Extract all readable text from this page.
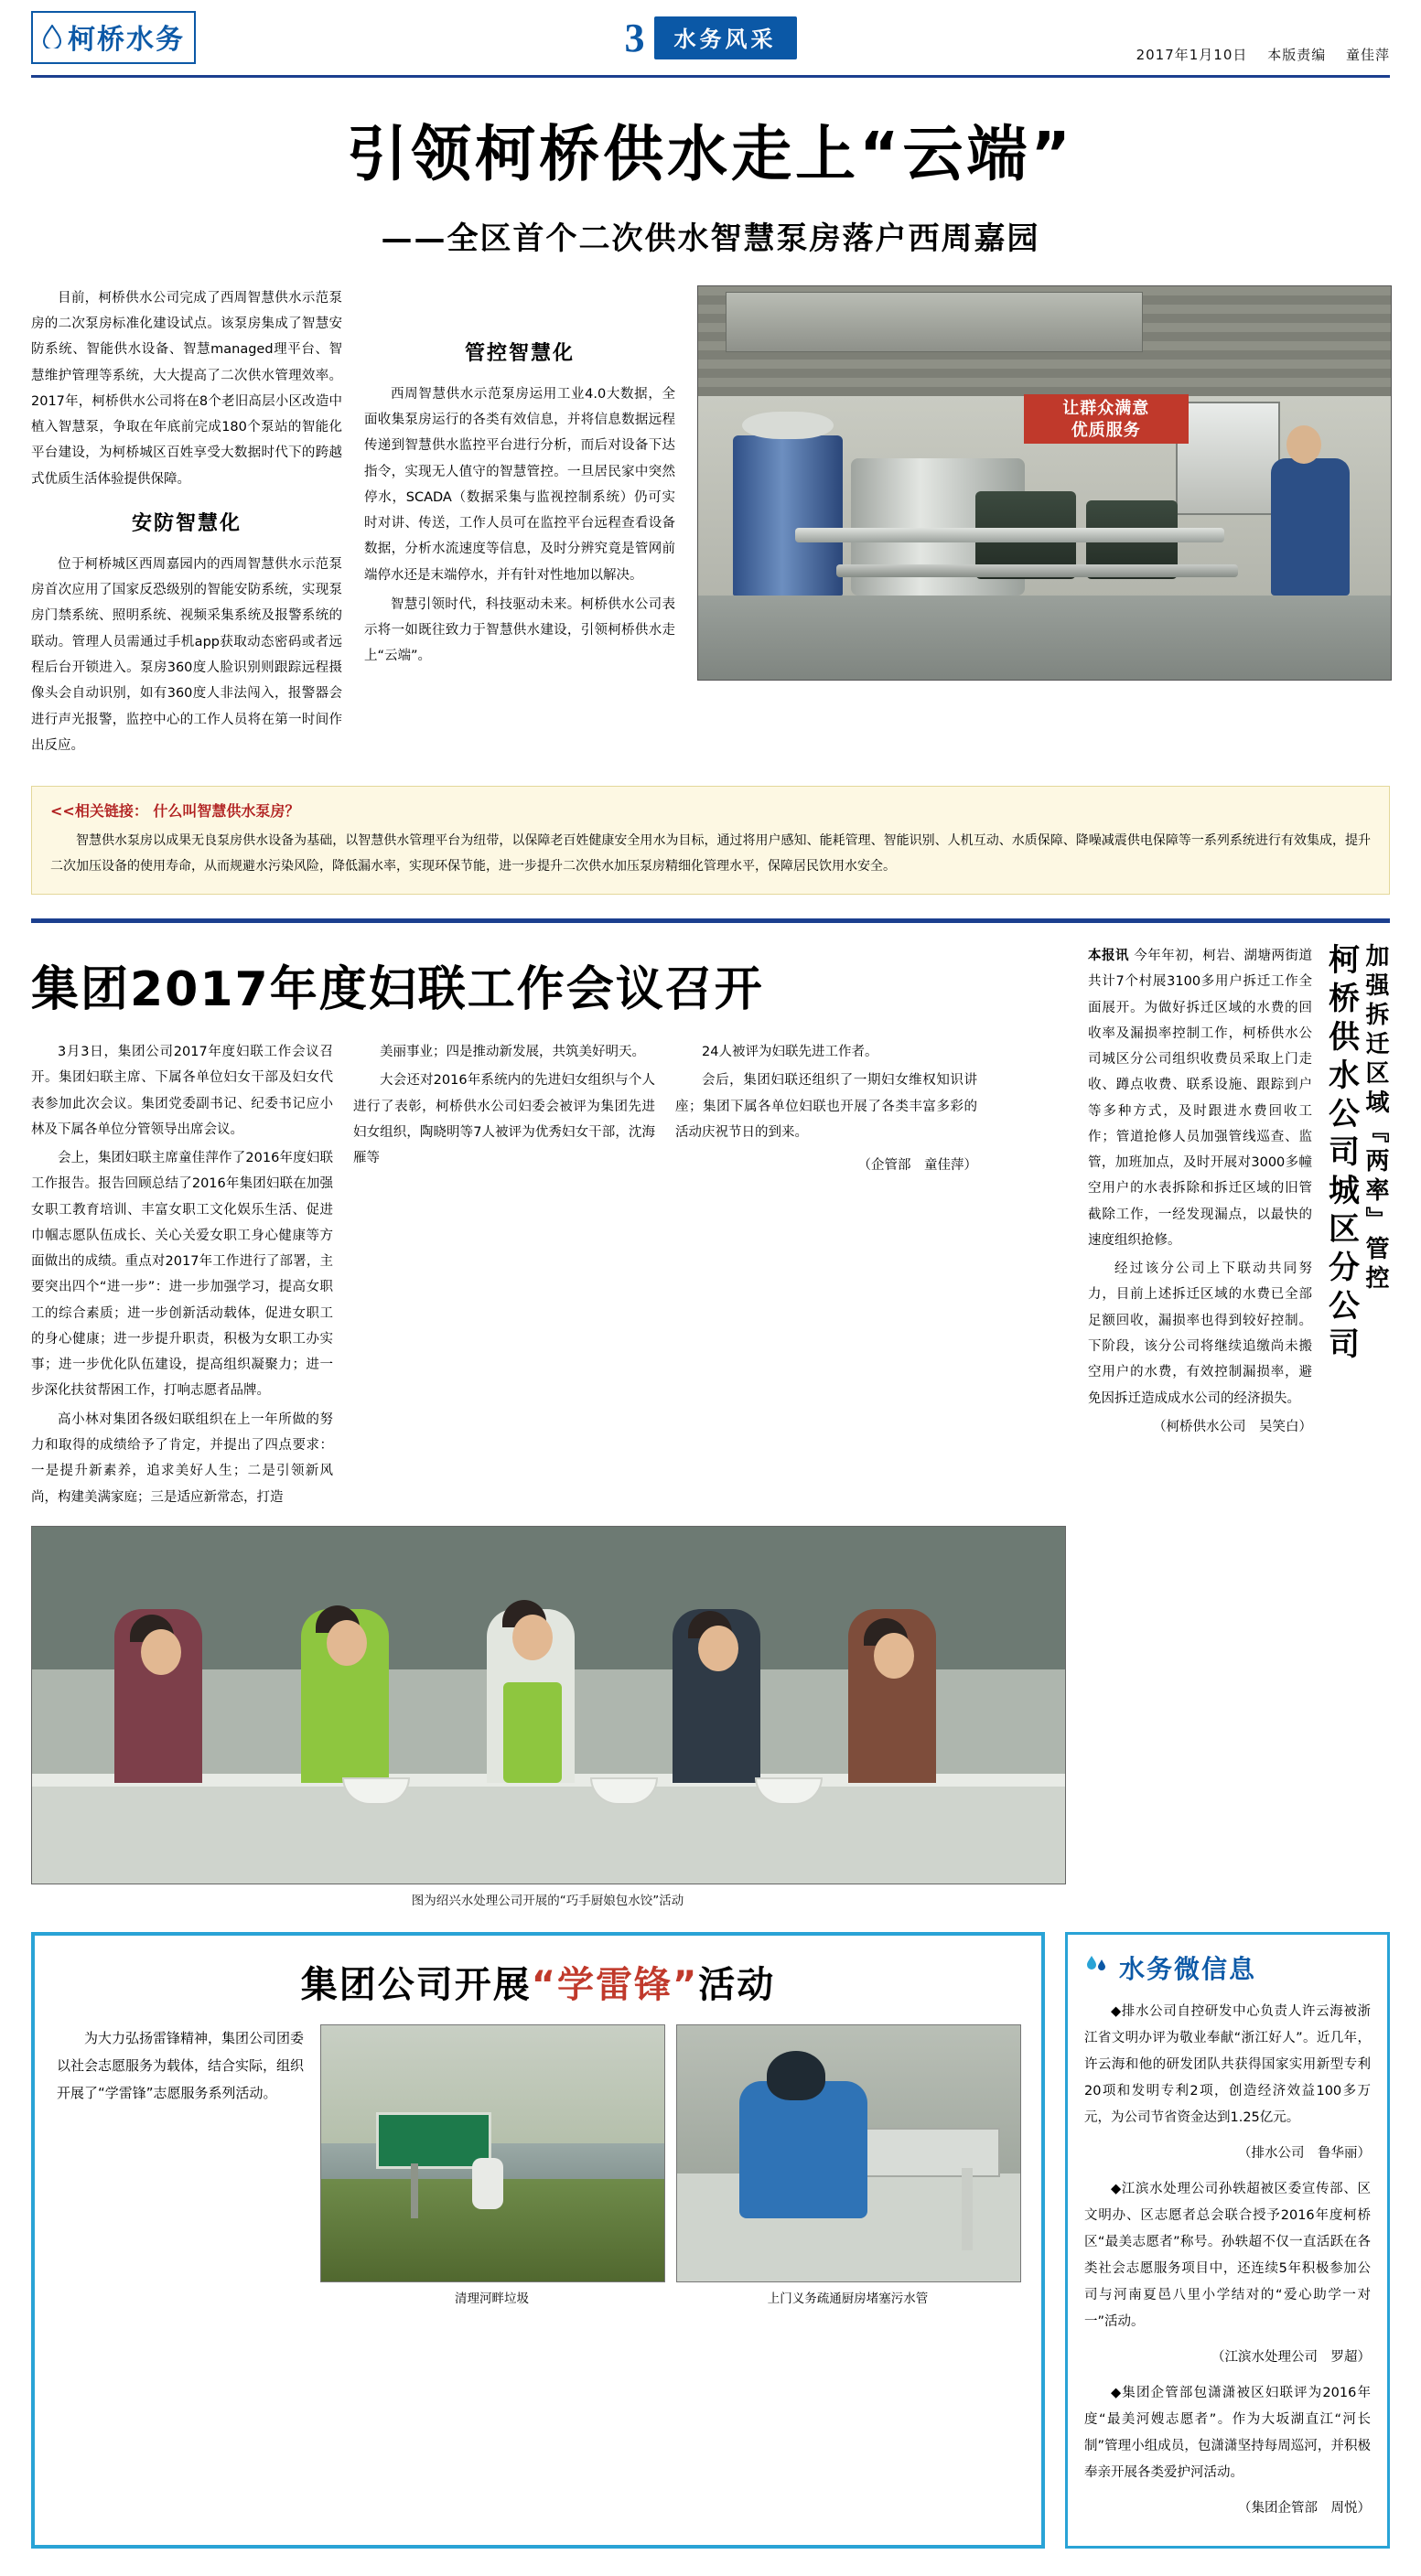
柯桥水务	3	水务风采
2017年1月10日 本版责编 童佳萍
引领柯桥供水走上“云端”
——全区首个二次供水智慧泵房落户西周嘉园

目前，柯桥供水公司完成了西周智慧供水示范泵房的二次泵房标准化建设试点。该泵房集成了智慧安防系统、智能供水设备、智慧managed理平台、智慧维护管理等系统，大大提高了二次供水管理效率。2017年，柯桥供水公司将在8个老旧高层小区改造中植入智慧泵，争取在年底前完成180个泵站的智能化平台建设，为柯桥城区百姓享受大数据时代下的跨越式优质生活体验提供保障。

安防智慧化

位于柯桥城区西周嘉园内的西周智慧供水示范泵房首次应用了国家反恐级别的智能安防系统，实现泵房门禁系统、照明系统、视频采集系统及报警系统的联动。管理人员需通过手机app获取动态密码或者远程后台开锁进入。泵房360度人脸识别则跟踪远程摄像头会自动识别，如有360度人非法闯入，报警器会进行声光报警，监控中心的工作人员将在第一时间作出反应。

管控智慧化

西周智慧供水示范泵房运用工业4.0大数据，全面收集泵房运行的各类有效信息，并将信息数据远程传递到智慧供水监控平台进行分析，而后对设备下达指令，实现无人值守的智慧管控。一旦居民家中突然停水，SCADA（数据采集与监视控制系统）仍可实时对讲、传送，工作人员可在监控平台远程查看设备数据，分析水流速度等信息，及时分辨究竟是管网前端停水还是末端停水，并有针对性地加以解决。

智慧引领时代，科技驱动未来。柯桥供水公司表示将一如既往致力于智慧供水建设，引领柯桥供水走上“云端”。

让群众满意
优质服务
<<相关链接： 什么叫智慧供水泵房？
智慧供水泵房以成果无良泵房供水设备为基础，以智慧供水管理平台为纽带，以保障老百姓健康安全用水为目标，通过将用户感知、能耗管理、智能识别、人机互动、水质保障、降噪减震供电保障等一系列系统进行有效集成，提升二次加压设备的使用寿命，从而规避水污染风险，降低漏水率，实现环保节能，进一步提升二次供水加压泵房精细化管理水平，保障居民饮用水安全。
集团2017年度妇联工作会议召开

3月3日，集团公司2017年度妇联工作会议召开。集团妇联主席、下属各单位妇女干部及妇女代表参加此次会议。集团党委副书记、纪委书记应小林及下属各单位分管领导出席会议。

会上，集团妇联主席童佳萍作了2016年度妇联工作报告。报告回顾总结了2016年集团妇联在加强女职工教育培训、丰富女职工文化娱乐生活、促进巾帼志愿队伍成长、关心关爱女职工身心健康等方面做出的成绩。重点对2017年工作进行了部署，主要突出四个“进一步”：进一步加强学习，提高女职工的综合素质；进一步创新活动载体，促进女职工的身心健康；进一步提升职责，积极为女职工办实事；进一步优化队伍建设，提高组织凝聚力；进一步深化扶贫帮困工作，打响志愿者品牌。

高小林对集团各级妇联组织在上一年所做的努力和取得的成绩给予了肯定，并提出了四点要求：一是提升新素养，追求美好人生；二是引领新风尚，构建美满家庭；三是适应新常态，打造

美丽事业；四是推动新发展，共筑美好明天。

大会还对2016年系统内的先进妇女组织与个人进行了表彰，柯桥供水公司妇委会被评为集团先进妇女组织，陶晓明等7人被评为优秀妇女干部，沈海雁等

24人被评为妇联先进工作者。

会后，集团妇联还组织了一期妇女维权知识讲座；集团下属各单位妇联也开展了各类丰富多彩的活动庆祝节日的到来。

（企管部　童佳萍）
图为绍兴水处理公司开展的“巧手厨娘包水饺”活动
柯桥供水公司城区分公司 加强拆迁区域『两率』管控

本报讯 今年年初，柯岩、湖塘两街道共计7个村展3100多用户拆迁工作全面展开。为做好拆迁区域的水费的回收率及漏损率控制工作，柯桥供水公司城区分公司组织收费员采取上门走收、蹲点收费、联系设施、跟踪到户等多种方式，及时跟进水费回收工作；管道抢修人员加强管线巡查、监管，加班加点，及时开展对3000多幢空用户的水表拆除和拆迁区域的旧管截除工作，一经发现漏点，以最快的速度组织抢修。

经过该分公司上下联动共同努力，目前上述拆迁区域的水费已全部足额回收，漏损率也得到较好控制。下阶段，该分公司将继续追缴尚未搬空用户的水费，有效控制漏损率，避免因拆迁造成成水公司的经济损失。

（柯桥供水公司　吴笑白）

集团公司开展“学雷锋”活动

为大力弘扬雷锋精神，集团公司团委以社会志愿服务为载体，结合实际，组织开展了“学雷锋”志愿服务系列活动。

清理河畔垃圾	上门义务疏通厨房堵塞污水管
水务微信息

◆排水公司自控研发中心负责人许云海被浙江省文明办评为敬业奉献“浙江好人”。近几年，许云海和他的研发团队共获得国家实用新型专利20项和发明专利2项，创造经济效益100多万元，为公司节省资金达到1.25亿元。

（排水公司　鲁华丽）

◆江滨水处理公司孙轶超被区委宣传部、区文明办、区志愿者总会联合授予2016年度柯桥区“最美志愿者”称号。孙轶超不仅一直活跃在各类社会志愿服务项目中，还连续5年积极参加公司与河南夏邑八里小学结对的“爱心助学一对一”活动。

（江滨水处理公司　罗超）

◆集团企管部包潇潇被区妇联评为2016年度“最美河嫂志愿者”。作为大坂湖直江“河长制”管理小组成员，包潇潇坚持每周巡河，并积极奉亲开展各类爱护河活动。

（集团企管部　周悦）
